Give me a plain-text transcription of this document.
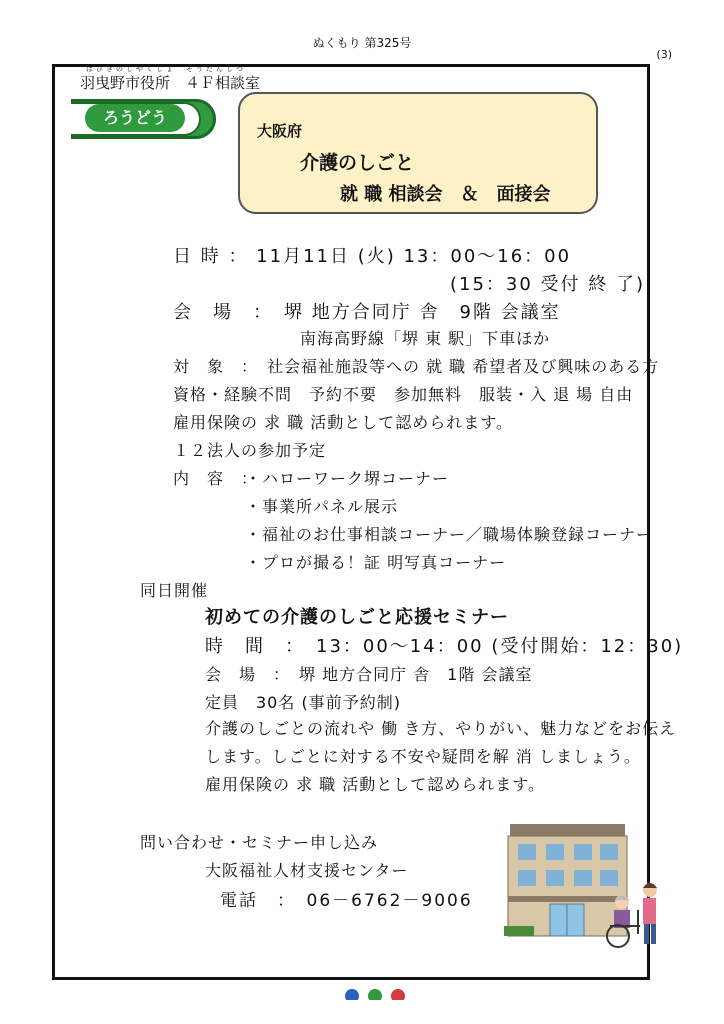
ぬくもり 第325号
(3)
はびきのしやくしょ　そうだんしつ
羽曳野市役所　４Ｆ相談室
ろうどう
大阪府
介護のしごと
就 職 相談会　＆　面接会
日 時 ： 11月11日 (火) 13：00～16：00
(15：30 受付 終 了)
会　場　：　堺 地方合同庁 舎　9階 会議室
南海高野線「堺 東 駅」下車ほか
対　象　：　社会福祉施設等への 就 職 希望者及び興味のある方
資格・経験不問　予約不要　参加無料　服装・入 退 場 自由
雇用保険の 求 職 活動として認められます。
１２法人の参加予定
内　容　：
・ハローワーク堺コーナー
・事業所パネル展示
・福祉のお仕事相談コーナー／職場体験登録コーナー
・プロが撮る！証 明写真コーナー
同日開催
初めての介護のしごと応援セミナー
時　間　：　13：00～14：00 (受付開始：12：30)
会　場　：　堺 地方合同庁 舎　1階 会議室
定員　30名 (事前予約制)
介護のしごとの流れや 働 き方、やりがい、魅力などをお伝え
します。しごとに対する不安や疑問を解 消 しましょう。
雇用保険の 求 職 活動として認められます。
問い合わせ・セミナー申し込み
大阪福祉人材支援センター
電話　：　06－6762－9006
